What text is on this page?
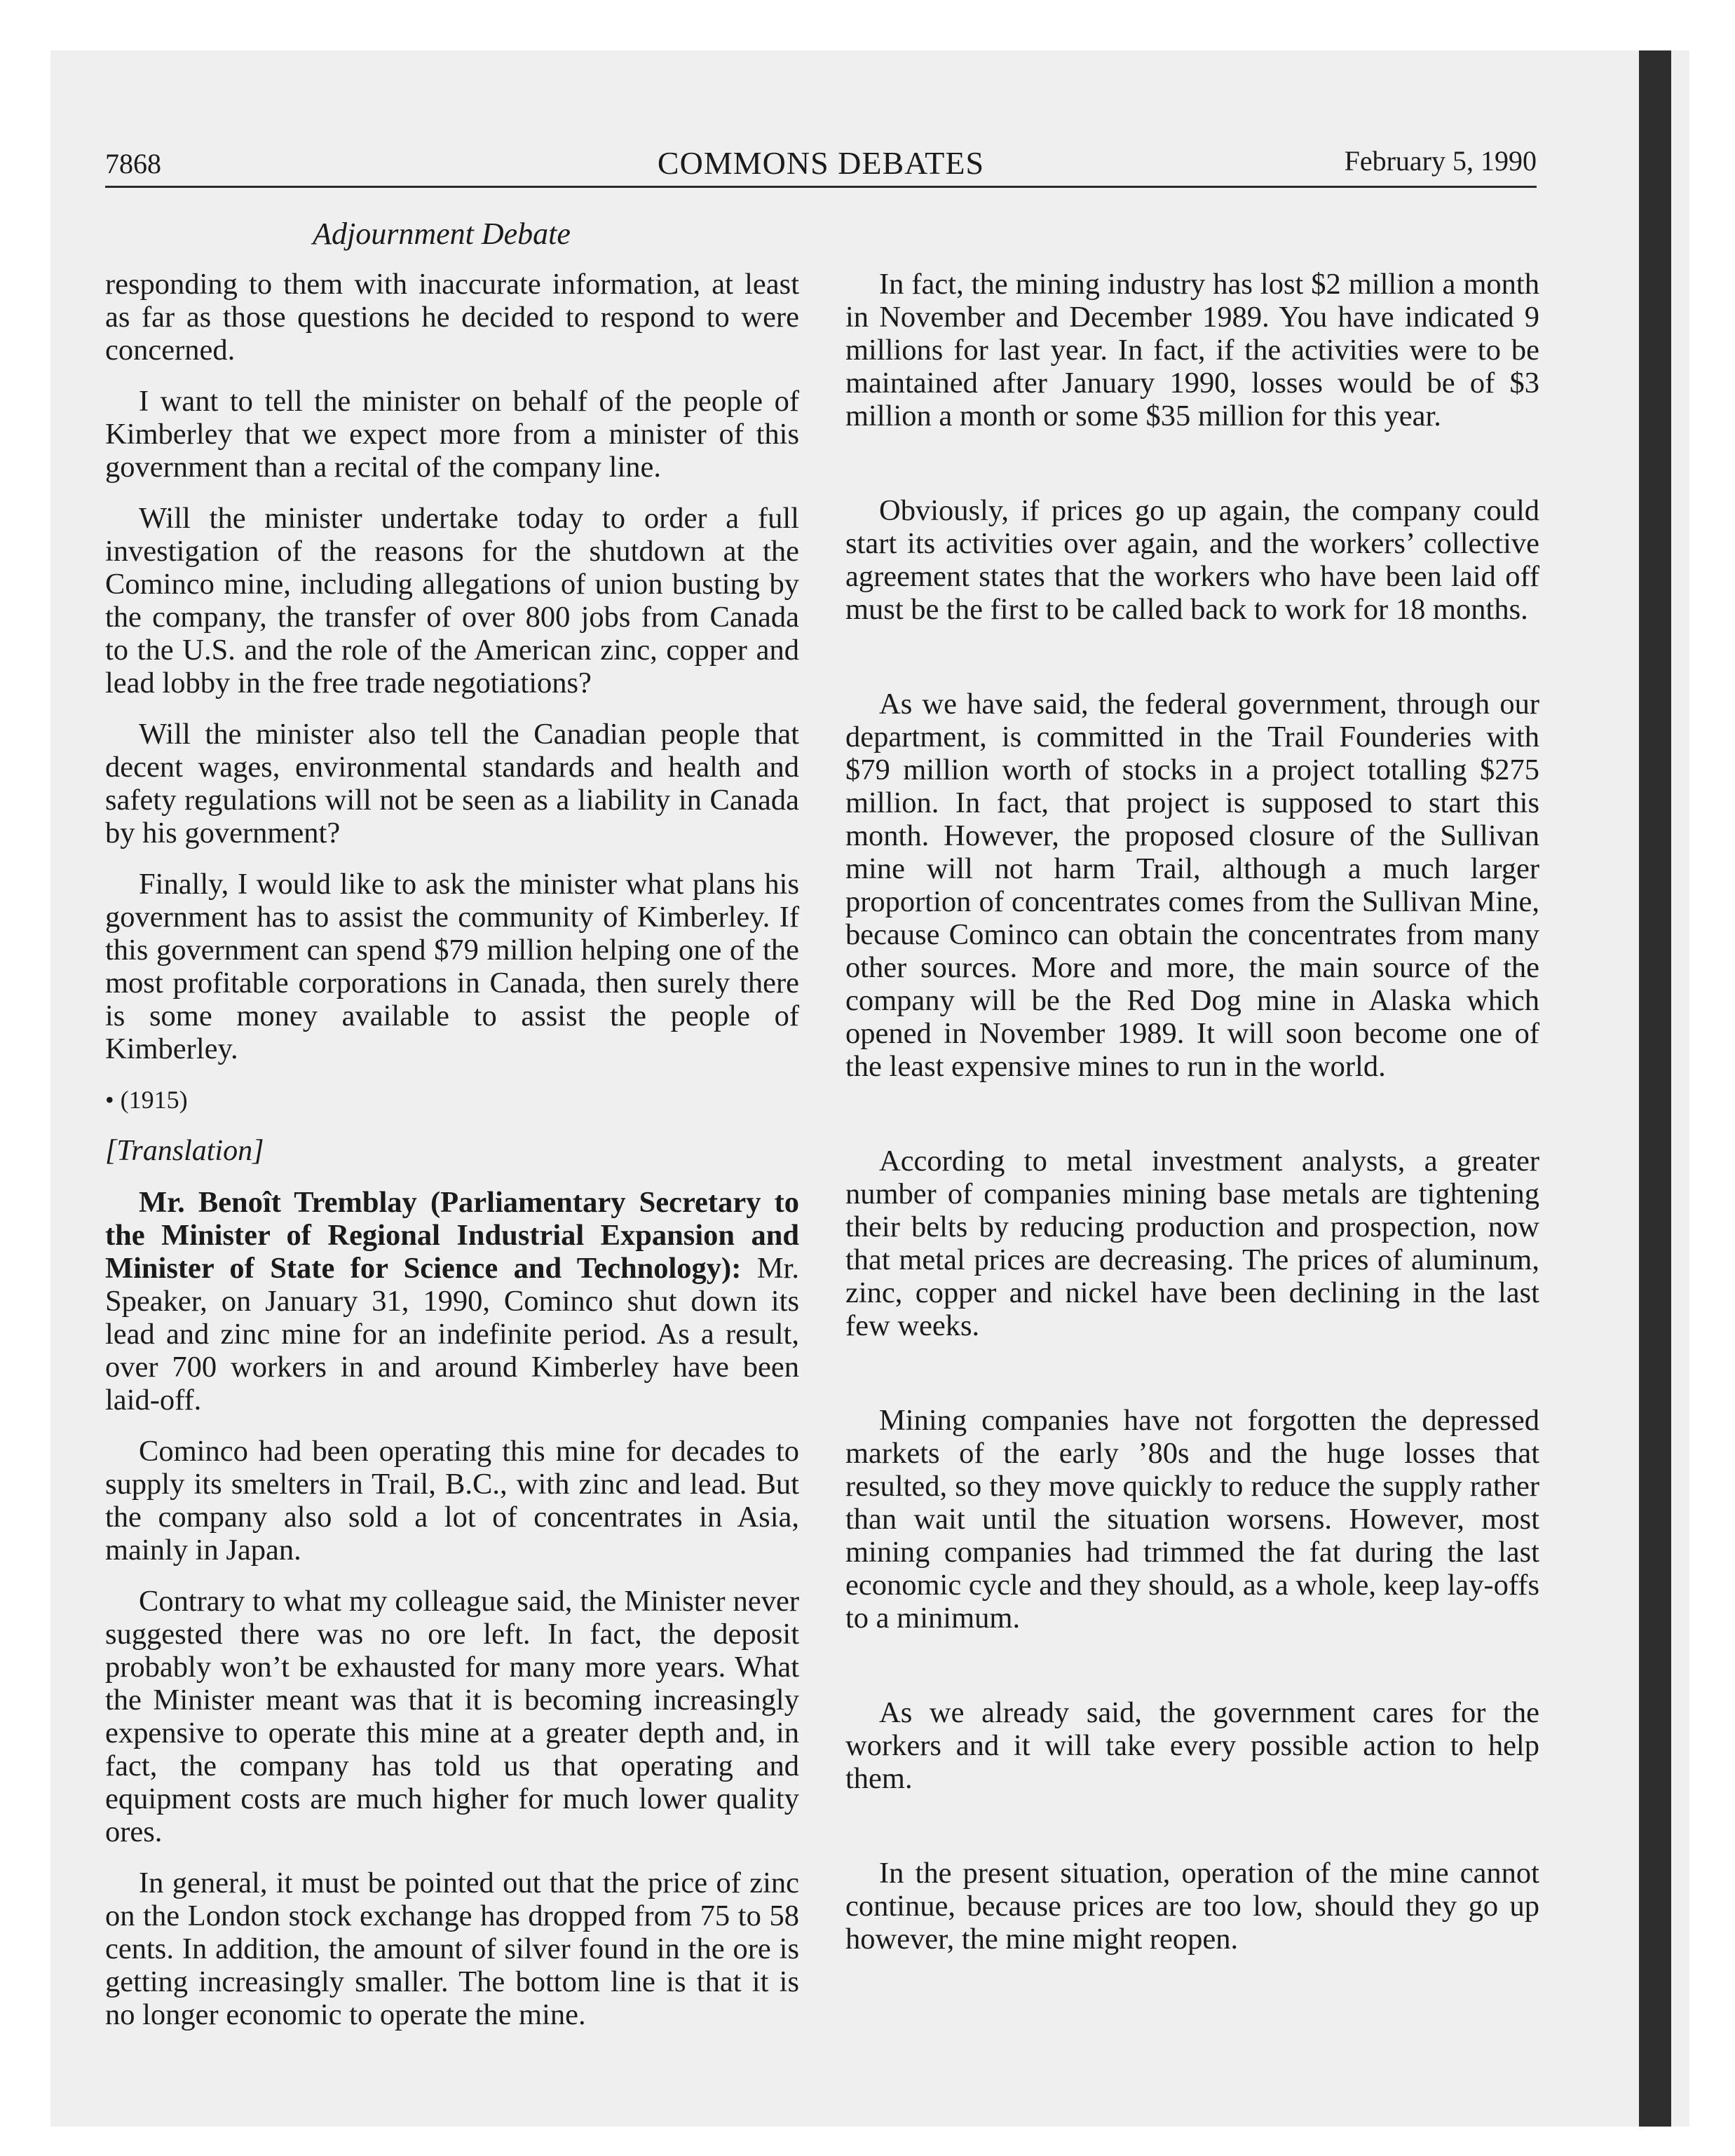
7868	COMMONS DEBATES	February 5, 1990
Adjournment Debate

responding to them with inaccurate information, at least as far as those questions he decided to respond to were concerned.

I want to tell the minister on behalf of the people of Kimberley that we expect more from a minister of this government than a recital of the company line.

Will the minister undertake today to order a full investigation of the reasons for the shutdown at the Cominco mine, including allegations of union busting by the company, the transfer of over 800 jobs from Canada to the U.S. and the role of the American zinc, copper and lead lobby in the free trade negotiations?

Will the minister also tell the Canadian people that decent wages, environmental standards and health and safety regulations will not be seen as a liability in Canada by his government?

Finally, I would like to ask the minister what plans his government has to assist the community of Kimberley. If this government can spend $79 million helping one of the most profitable corporations in Canada, then surely there is some money available to assist the people of Kimberley.

• (1915)

[Translation]

Mr. Benoît Tremblay (Parliamentary Secretary to the Minister of Regional Industrial Expansion and Minister of State for Science and Technology): Mr. Speaker, on January 31, 1990, Cominco shut down its lead and zinc mine for an indefinite period. As a result, over 700 workers in and around Kimberley have been laid-off.

Cominco had been operating this mine for decades to supply its smelters in Trail, B.C., with zinc and lead. But the company also sold a lot of concentrates in Asia, mainly in Japan.

Contrary to what my colleague said, the Minister never suggested there was no ore left. In fact, the deposit probably won’t be exhausted for many more years. What the Minister meant was that it is becoming increasingly expensive to operate this mine at a greater depth and, in fact, the company has told us that operating and equipment costs are much higher for much lower quality ores.

In general, it must be pointed out that the price of zinc on the London stock exchange has dropped from 75 to 58 cents. In addition, the amount of silver found in the ore is getting increasingly smaller. The bottom line is that it is no longer economic to operate the mine.

In fact, the mining industry has lost $2 million a month in November and December 1989. You have indicated 9 millions for last year. In fact, if the activities were to be maintained after January 1990, losses would be of $3 million a month or some $35 million for this year.

Obviously, if prices go up again, the company could start its activities over again, and the workers’ collective agreement states that the workers who have been laid off must be the first to be called back to work for 18 months.

As we have said, the federal government, through our department, is committed in the Trail Founderies with $79 million worth of stocks in a project totalling $275 million. In fact, that project is supposed to start this month. However, the proposed closure of the Sullivan mine will not harm Trail, although a much larger proportion of concentrates comes from the Sullivan Mine, because Cominco can obtain the concentrates from many other sources. More and more, the main source of the company will be the Red Dog mine in Alaska which opened in November 1989. It will soon become one of the least expensive mines to run in the world.

According to metal investment analysts, a greater number of companies mining base metals are tightening their belts by reducing production and prospection, now that metal prices are decreasing. The prices of aluminum, zinc, copper and nickel have been declining in the last few weeks.

Mining companies have not forgotten the depressed markets of the early ’80s and the huge losses that resulted, so they move quickly to reduce the supply rather than wait until the situation worsens. However, most mining companies had trimmed the fat during the last economic cycle and they should, as a whole, keep lay-offs to a minimum.

As we already said, the government cares for the workers and it will take every possible action to help them.

In the present situation, operation of the mine cannot continue, because prices are too low, should they go up however, the mine might reopen.
